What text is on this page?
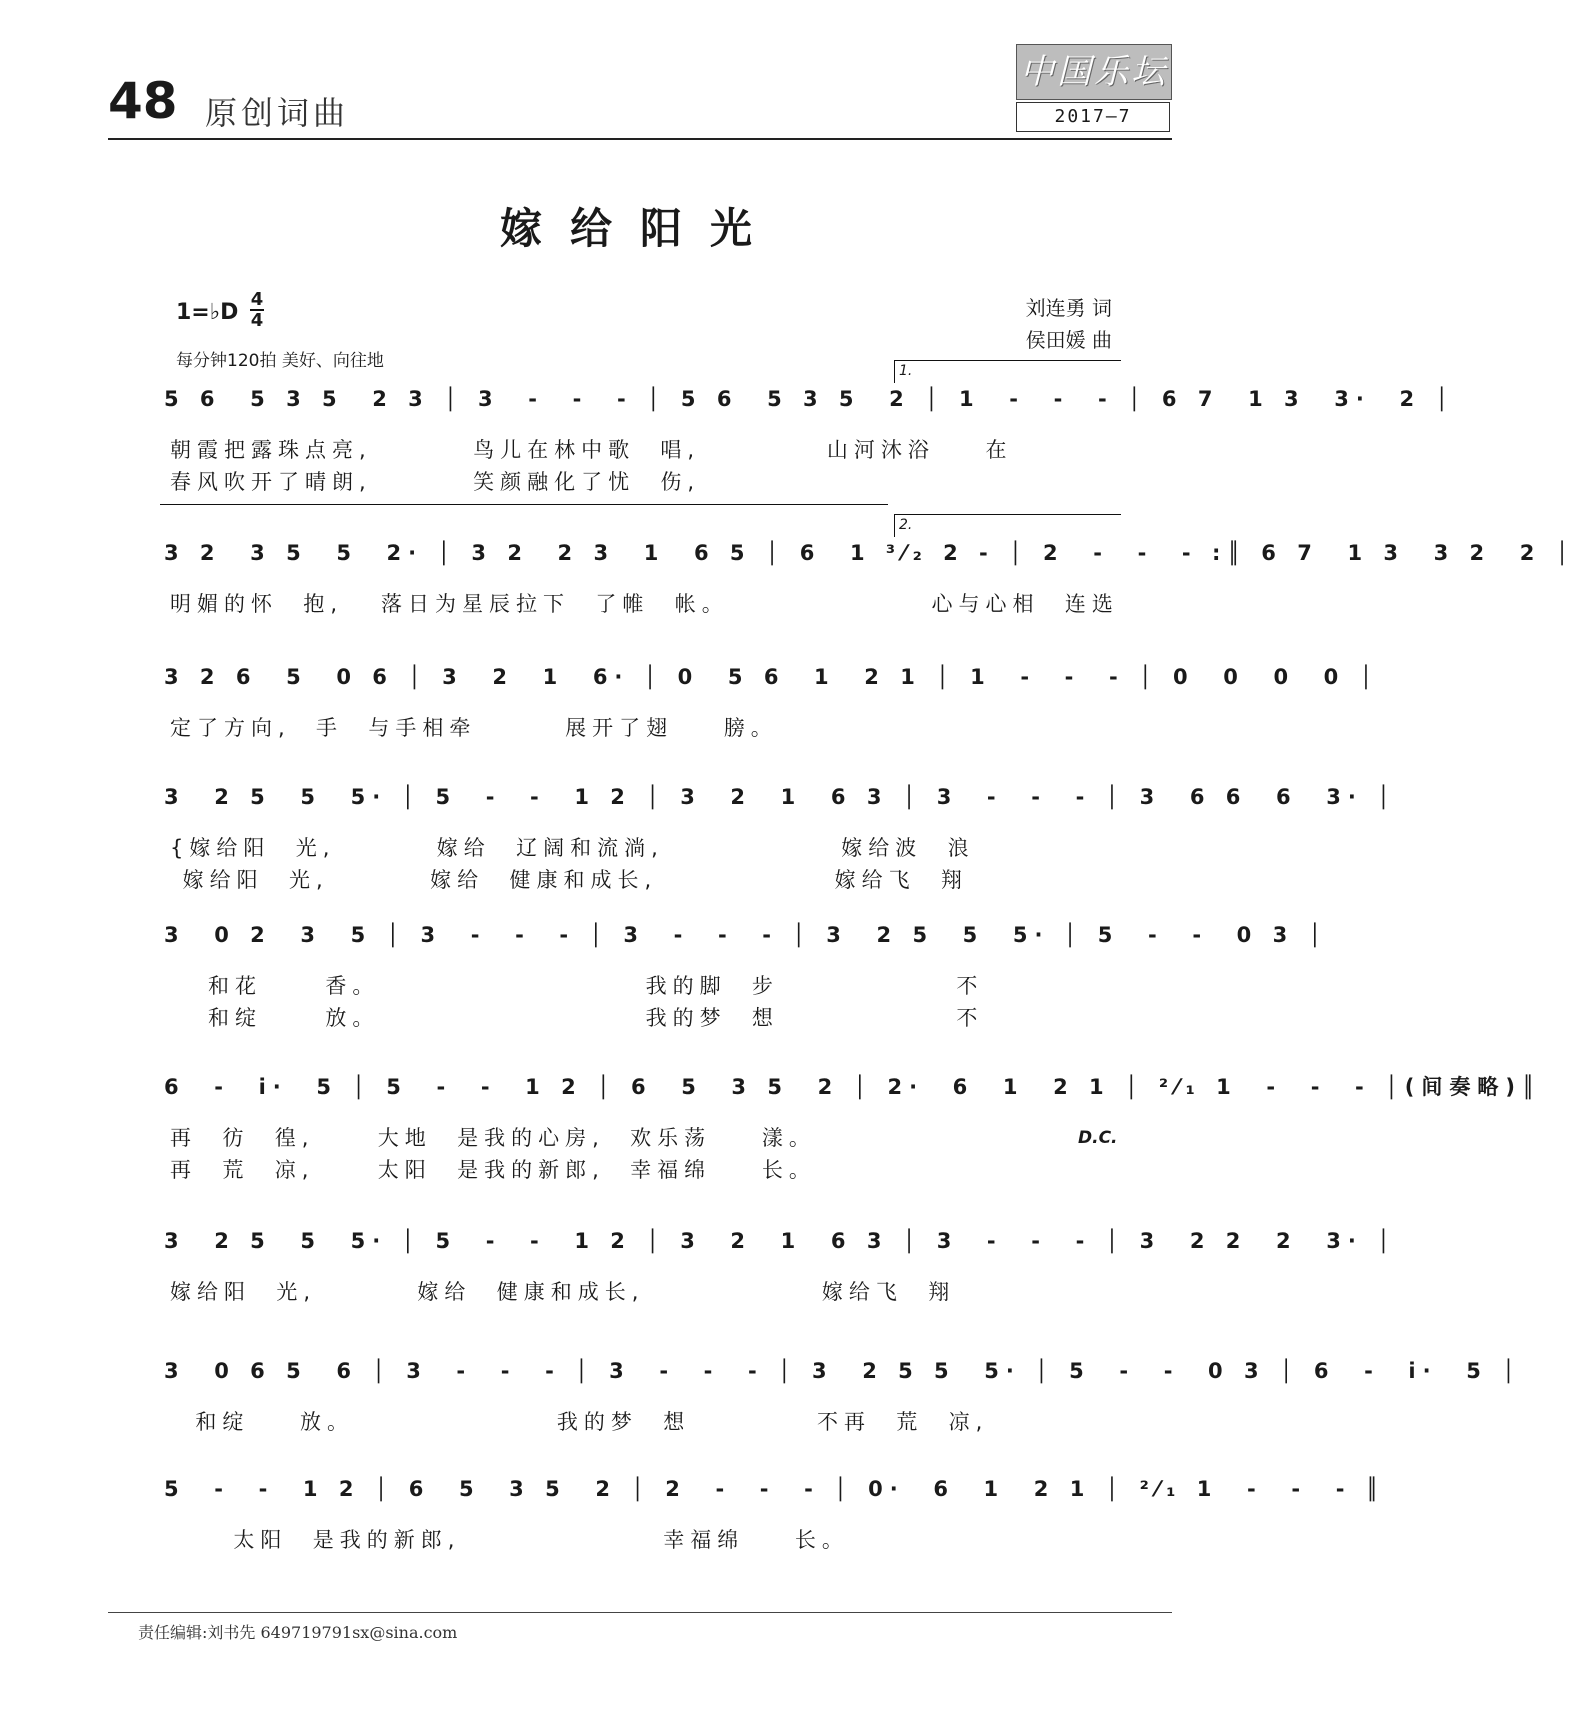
48 原创词曲
中国乐坛
2017—7
嫁给阳光
1=♭D
4
4
每分钟120拍 美好、向往地
刘连勇 词
侯田媛 曲
5 6  5 3 5  2 3 │ 3  -  -  - │ 5 6  5 3 5  2 │ 1  -  -  - │ 6 7  1 3  3·  2 │
朝霞把露珠点亮,        鸟儿在林中歌  唱,          山河沐浴    在
春风吹开了晴朗,        笑颜融化了忧  伤,
1.
3 2  3 5  5  2· │ 3 2  2 3  1  6 5 │ 6  1 ³⁄₂ 2 - │ 2  -  -  - :║ 6 7  1 3  3 2  2 │
明媚的怀  抱,   落日为星辰拉下  了帷  帐。                心与心相  连选
2.
3 2 6  5  0 6 │ 3  2  1  6· │ 0  5 6  1  2 1 │ 1  -  -  - │ 0  0  0  0 │
定了方向,  手  与手相牵       展开了翅    膀。
3  2 5  5  5· │ 5  -  -  1 2 │ 3  2  1  6 3 │ 3  -  -  - │ 3  6 6  6  3· │
{嫁给阳  光,        嫁给  辽阔和流淌,              嫁给波  浪
嫁给阳  光,        嫁给  健康和成长,              嫁给飞  翔
3  0 2  3  5 │ 3  -  -  - │ 3  -  -  - │ 3  2 5  5  5· │ 5  -  -  0 3 │
和花     香。                     我的脚  步              不
和绽     放。                     我的梦  想              不
6  -  i·  5 │ 5  -  -  1 2 │ 6  5  3 5  2 │ 2·  6  1  2 1 │ ²⁄₁ 1  -  -  - │(间奏略)║
再  彷  徨,     大地  是我的心房,  欢乐荡    漾。
再  荒  凉,     太阳  是我的新郎,  幸福绵    长。
D.C.
3  2 5  5  5· │ 5  -  -  1 2 │ 3  2  1  6 3 │ 3  -  -  - │ 3  2 2  2  3· │
嫁给阳  光,        嫁给  健康和成长,              嫁给飞  翔
3  0 6 5  6 │ 3  -  -  - │ 3  -  -  - │ 3  2 5 5  5· │ 5  -  -  0 3 │ 6  -  i·  5 │
和绽    放。                我的梦  想          不再  荒  凉,
5  -  -  1 2 │ 6  5  3 5  2 │ 2  -  -  - │ 0·  6  1  2 1 │ ²⁄₁ 1  -  -  - ║
太阳  是我的新郎,                幸福绵    长。
责任编辑:刘书先 649719791sx@sina.com
